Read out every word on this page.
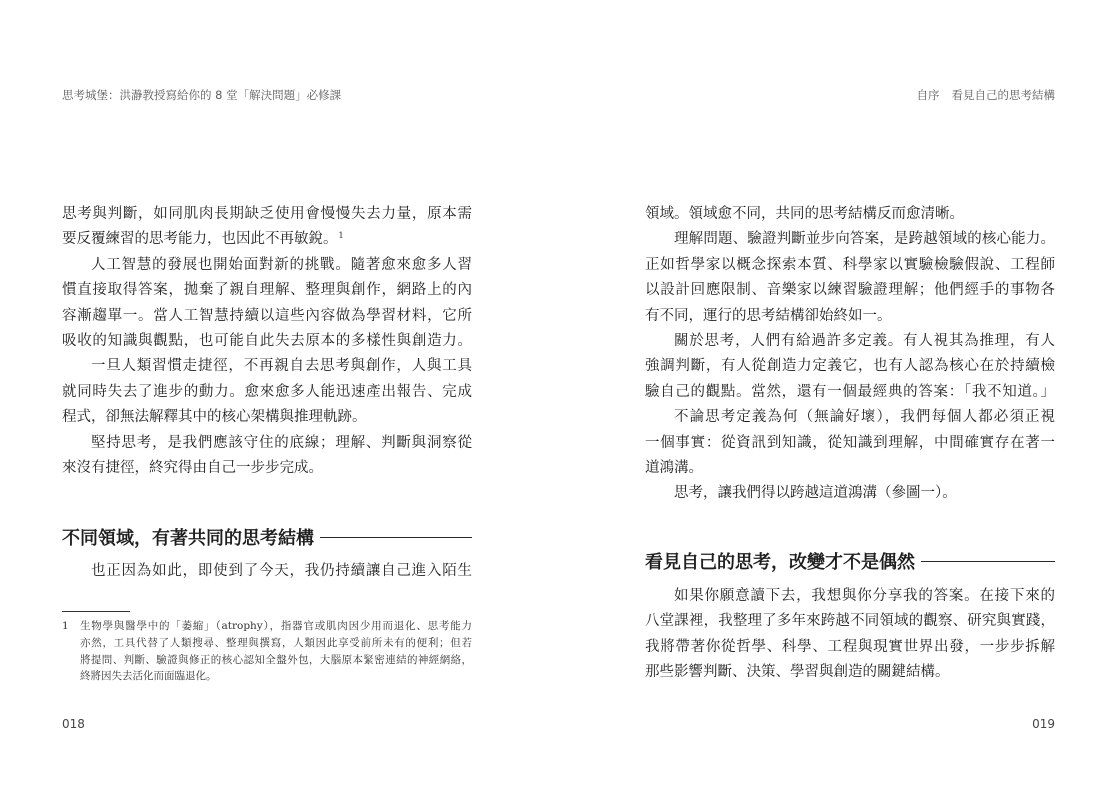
思考城堡：洪瀞教授寫給你的 8 堂「解決問題」必修課
思考與判斷，如同肌肉長期缺乏使用會慢慢失去力量，原本需
要反覆練習的思考能力，也因此不再敏銳。$^1$
人工智慧的發展也開始面對新的挑戰。隨著愈來愈多人習
慣直接取得答案，拋棄了親自理解、整理與創作，網路上的內
容漸趨單一。當人工智慧持續以這些內容做為學習材料，它所
吸收的知識與觀點，也可能自此失去原本的多樣性與創造力。
一旦人類習慣走捷徑，不再親自去思考與創作，人與工具
就同時失去了進步的動力。愈來愈多人能迅速產出報告、完成
程式，卻無法解釋其中的核心架構與推理軌跡。
堅持思考，是我們應該守住的底線；理解、判斷與洞察從
來沒有捷徑，終究得由自己一步步完成。
不同領域，有著共同的思考結構
也正因為如此，即使到了今天，我仍持續讓自己進入陌生
1 生物學與醫學中的「萎縮」（atrophy），指器官或肌肉因少用而退化、思考能力
亦然，工具代替了人類搜尋、整理與撰寫，人類因此享受前所未有的便利；但若
將提問、判斷、驗證與修正的核心認知全盤外包，大腦原本緊密連結的神經網絡，
終將因失去活化而面臨退化。
018
自序 看見自己的思考結構
領域。領域愈不同，共同的思考結構反而愈清晰。
理解問題、驗證判斷並步向答案，是跨越領域的核心能力。
正如哲學家以概念探索本質、科學家以實驗檢驗假說、工程師
以設計回應限制、音樂家以練習驗證理解；他們經手的事物各
有不同，運行的思考結構卻始終如一。
關於思考，人們有給過許多定義。有人視其為推理，有人
強調判斷，有人從創造力定義它，也有人認為核心在於持續檢
驗自己的觀點。當然，還有一個最經典的答案：「我不知道。」
不論思考定義為何（無論好壞），我們每個人都必須正視
一個事實：從資訊到知識，從知識到理解，中間確實存在著一
道鴻溝。
思考，讓我們得以跨越這道鴻溝（參圖一）。
看見自己的思考，改變才不是偶然
如果你願意讀下去，我想與你分享我的答案。在接下來的
八堂課裡，我整理了多年來跨越不同領域的觀察、研究與實踐，
我將帶著你從哲學、科學、工程與現實世界出發，一步步拆解
那些影響判斷、決策、學習與創造的關鍵結構。
019
